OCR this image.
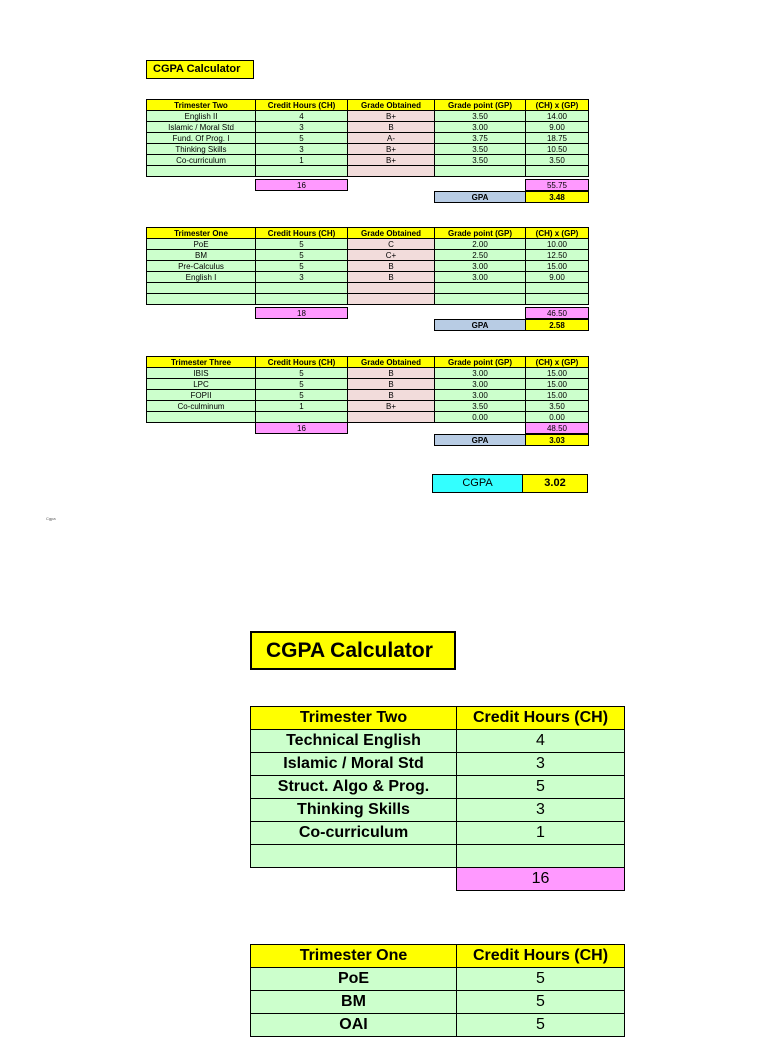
CGPA Calculator
Trimester Two	Credit Hours (CH)	Grade Obtained	Grade point (GP)	(CH) x (GP)
English II	4	B+	3.50	14.00
Islamic / Moral Std	3	B	3.00	9.00
Fund. Of Prog. I	5	A-	3.75	18.75
Thinking Skills	3	B+	3.50	10.50
Co-curriculum	1	B+	3.50	3.50
16	55.75
GPA	3.48
Trimester One	Credit Hours (CH)	Grade Obtained	Grade point (GP)	(CH) x (GP)
PoE	5	C	2.00	10.00
BM	5	C+	2.50	12.50
Pre-Calculus	5	B	3.00	15.00
English I	3	B	3.00	9.00
18	46.50
GPA	2.58
Trimester Three	Credit Hours (CH)	Grade Obtained	Grade point (GP)	(CH) x (GP)
IBIS	5	B	3.00	15.00
LPC	5	B	3.00	15.00
FOPII	5	B	3.00	15.00
Co-culminum	1	B+	3.50	3.50
0.00	0.00
16	48.50
GPA	3.03
CGPA	3.02
Cgpa
CGPA Calculator
Trimester Two	Credit Hours (CH)
Technical English	4
Islamic / Moral Std	3
Struct. Algo & Prog.	5
Thinking Skills	3
Co-curriculum	1
16
Trimester One	Credit Hours (CH)
PoE	5
BM	5
OAI	5
